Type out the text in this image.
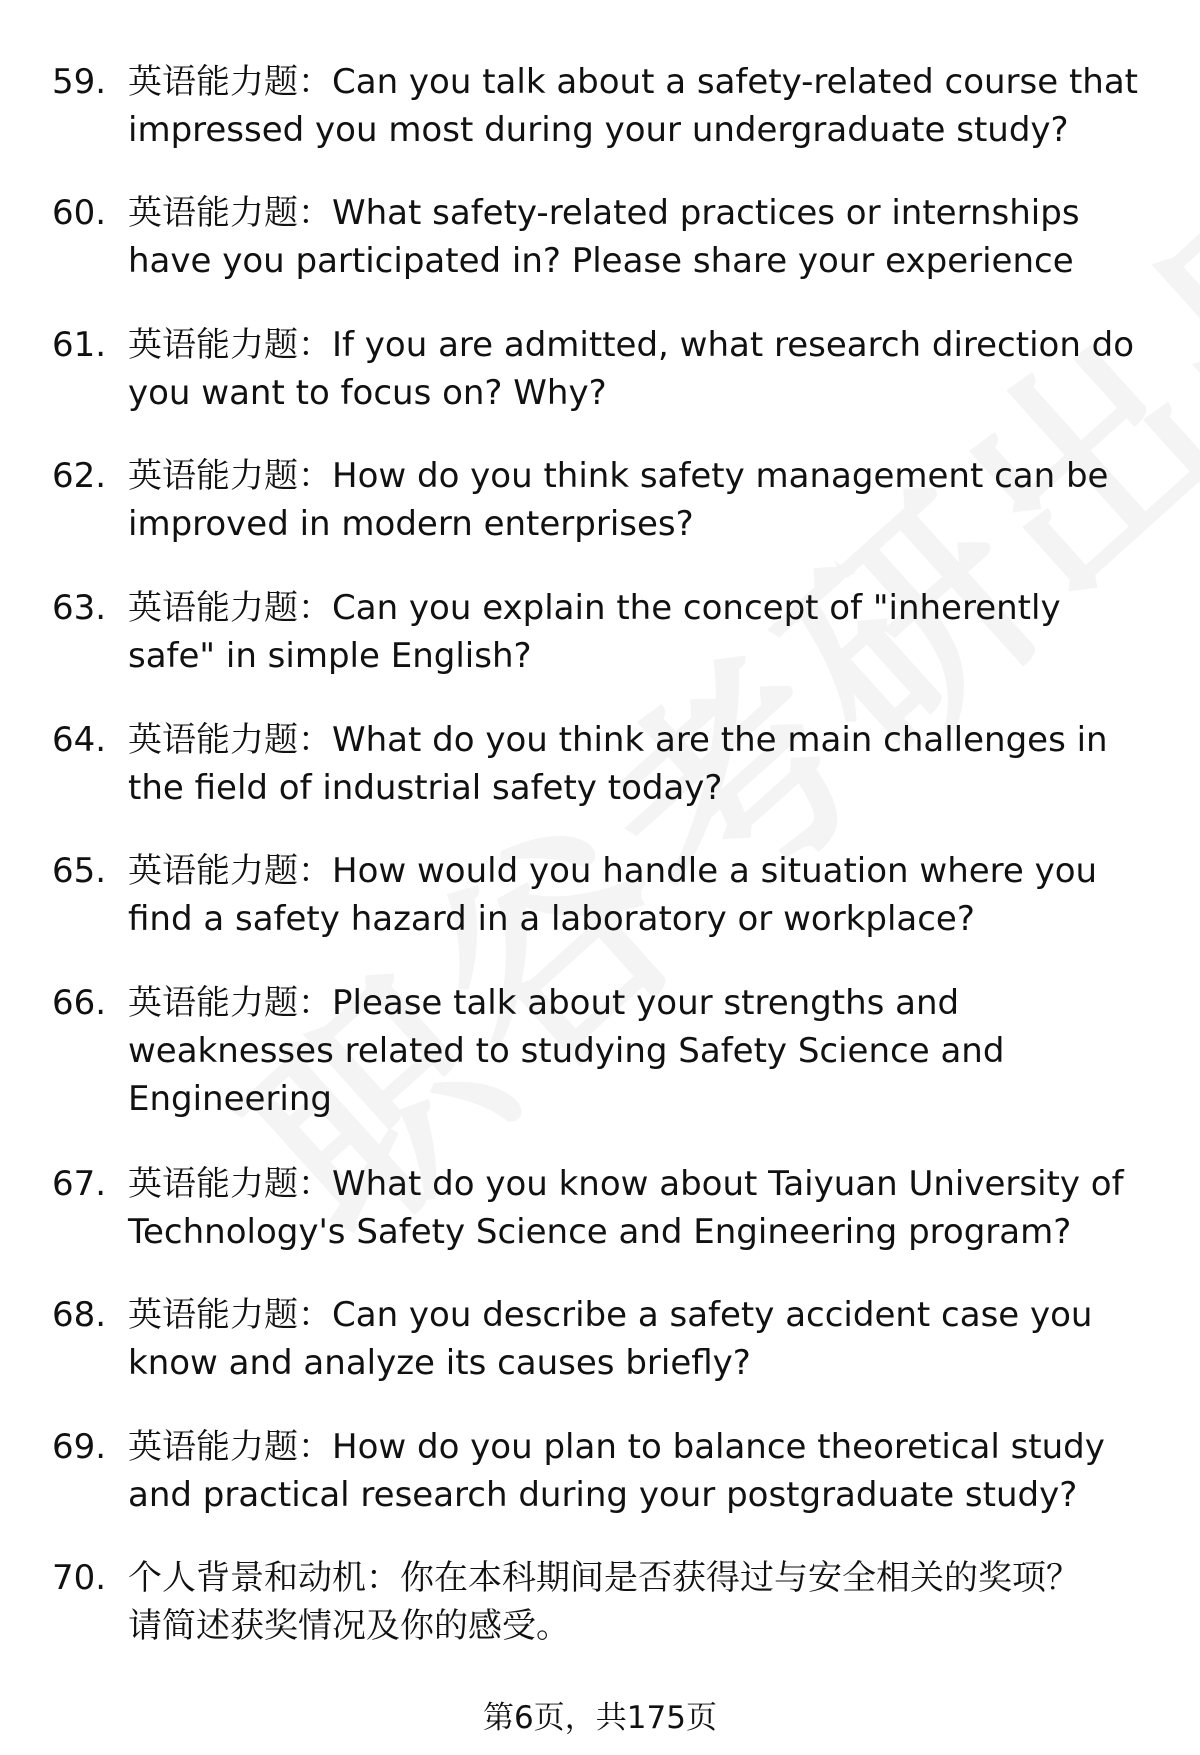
59. 英语能力题：Can you talk about a safety-related course that
impressed you most during your undergraduate study?
60. 英语能力题：What safety-related practices or internships
have you participated in? Please share your experience
61. 英语能力题：If you are admitted, what research direction do
you want to focus on? Why?
62. 英语能力题：How do you think safety management can be
improved in modern enterprises?
63. 英语能力题：Can you explain the concept of "inherently
safe" in simple English?
64. 英语能力题：What do you think are the main challenges in
the field of industrial safety today?
65. 英语能力题：How would you handle a situation where you
find a safety hazard in a laboratory or workplace?
66. 英语能力题：Please talk about your strengths and
weaknesses related to studying Safety Science and
Engineering
67. 英语能力题：What do you know about Taiyuan University of
Technology's Safety Science and Engineering program?
68. 英语能力题：Can you describe a safety accident case you
know and analyze its causes briefly?
69. 英语能力题：How do you plan to balance theoretical study
and practical research during your postgraduate study?
70. 个人背景和动机：你在本科期间是否获得过与安全相关的奖项？
请简述获奖情况及你的感受。
第6页，共175页
